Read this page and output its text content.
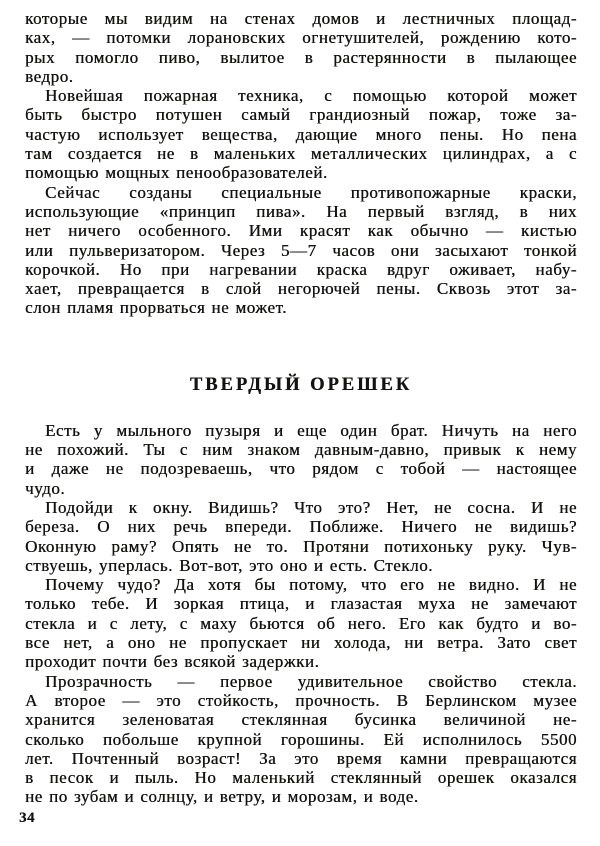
которые мы видим на стенах домов и лестничных площад-
ках, — потомки лорановских огнетушителей, рождению кото-
рых помогло пиво, вылитое в растерянности в пылающее
ведро.
Новейшая пожарная техника, с помощью которой может
быть быстро потушен самый грандиозный пожар, тоже за-
частую использует вещества, дающие много пены. Но пена
там создается не в маленьких металлических цилиндрах, а с
помощью мощных пенообразователей.
Сейчас созданы специальные противопожарные краски,
использующие «принцип пива». На первый взгляд, в них
нет ничего особенного. Ими красят как обычно — кистью
или пульверизатором. Через 5—7 часов они засыхают тонкой
корочкой. Но при нагревании краска вдруг оживает, набу-
хает, превращается в слой негорючей пены. Сквозь этот за-
слон пламя прорваться не может.
ТВЕРДЫЙ ОРЕШЕК
Есть у мыльного пузыря и еще один брат. Ничуть на него
не похожий. Ты с ним знаком давным-давно, привык к нему
и даже не подозреваешь, что рядом с тобой — настоящее
чудо.
Подойди к окну. Видишь? Что это? Нет, не сосна. И не
береза. О них речь впереди. Поближе. Ничего не видишь?
Оконную раму? Опять не то. Протяни потихоньку руку. Чув-
ствуешь, уперлась. Вот-вот, это оно и есть. Стекло.
Почему чудо? Да хотя бы потому, что его не видно. И не
только тебе. И зоркая птица, и глазастая муха не замечают
стекла и с лету, с маху бьются об него. Его как будто и во-
все нет, а оно не пропускает ни холода, ни ветра. Зато свет
проходит почти без всякой задержки.
Прозрачность — первое удивительное свойство стекла.
А второе — это стойкость, прочность. В Берлинском музее
хранится зеленоватая стеклянная бусинка величиной не-
сколько побольше крупной горошины. Ей исполнилось 5500
лет. Почтенный возраст! За это время камни превращаются
в песок и пыль. Но маленький стеклянный орешек оказался
не по зубам и солнцу, и ветру, и морозам, и воде.
34
